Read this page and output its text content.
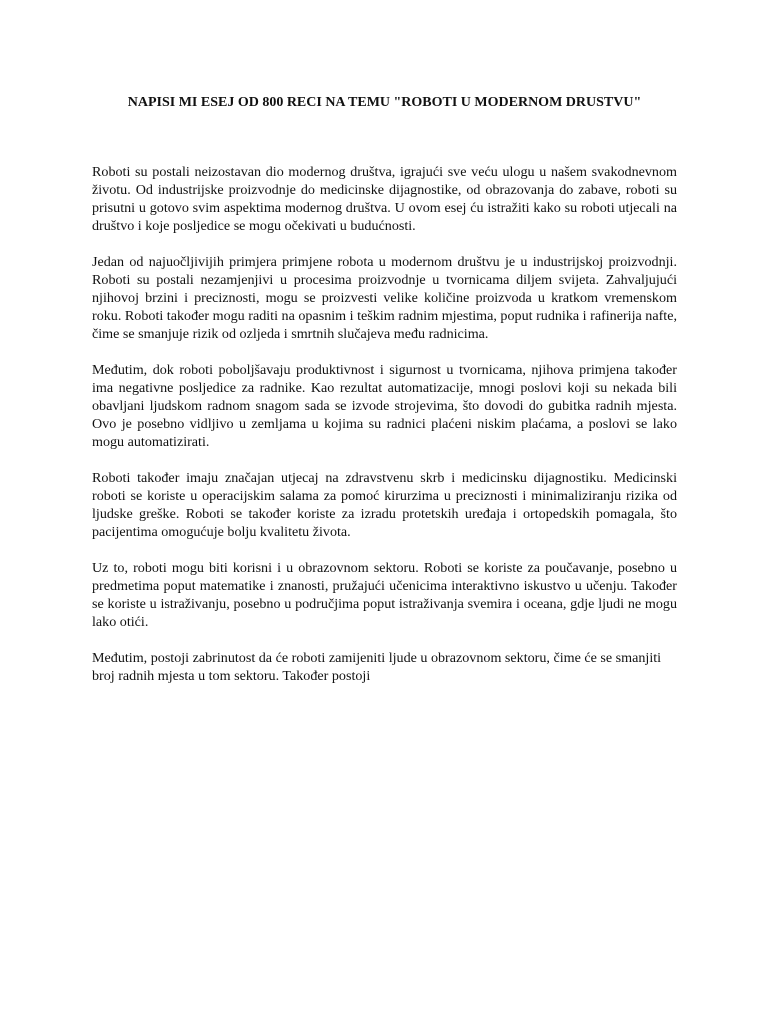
NAPISI MI ESEJ OD 800 RECI NA TEMU "ROBOTI U MODERNOM DRUSTVU"

Roboti su postali neizostavan dio modernog društva, igrajući sve veću ulogu u našem svakodnevnom životu. Od industrijske proizvodnje do medicinske dijagnostike, od obrazovanja do zabave, roboti su prisutni u gotovo svim aspektima modernog društva. U ovom esej ću istražiti kako su roboti utjecali na društvo i koje posljedice se mogu očekivati u budućnosti.

Jedan od najuočljivijih primjera primjene robota u modernom društvu je u industrijskoj proizvodnji. Roboti su postali nezamjenjivi u procesima proizvodnje u tvornicama diljem svijeta. Zahvaljujući njihovoj brzini i preciznosti, mogu se proizvesti velike količine proizvoda u kratkom vremenskom roku. Roboti također mogu raditi na opasnim i teškim radnim mjestima, poput rudnika i rafinerija nafte, čime se smanjuje rizik od ozljeda i smrtnih slučajeva među radnicima.

Međutim, dok roboti poboljšavaju produktivnost i sigurnost u tvornicama, njihova primjena također ima negativne posljedice za radnike. Kao rezultat automatizacije, mnogi poslovi koji su nekada bili obavljani ljudskom radnom snagom sada se izvode strojevima, što dovodi do gubitka radnih mjesta. Ovo je posebno vidljivo u zemljama u kojima su radnici plaćeni niskim plaćama, a poslovi se lako mogu automatizirati.

Roboti također imaju značajan utjecaj na zdravstvenu skrb i medicinsku dijagnostiku. Medicinski roboti se koriste u operacijskim salama za pomoć kirurzima u preciznosti i minimaliziranju rizika od ljudske greške. Roboti se također koriste za izradu protetskih uređaja i ortopedskih pomagala, što pacijentima omogućuje bolju kvalitetu života.

Uz to, roboti mogu biti korisni i u obrazovnom sektoru. Roboti se koriste za poučavanje, posebno u predmetima poput matematike i znanosti, pružajući učenicima interaktivno iskustvo u učenju. Također se koriste u istraživanju, posebno u područjima poput istraživanja svemira i oceana, gdje ljudi ne mogu lako otići.

Međutim, postoji zabrinutost da će roboti zamijeniti ljude u obrazovnom sektoru, čime će se smanjiti broj radnih mjesta u tom sektoru. Također postoji
